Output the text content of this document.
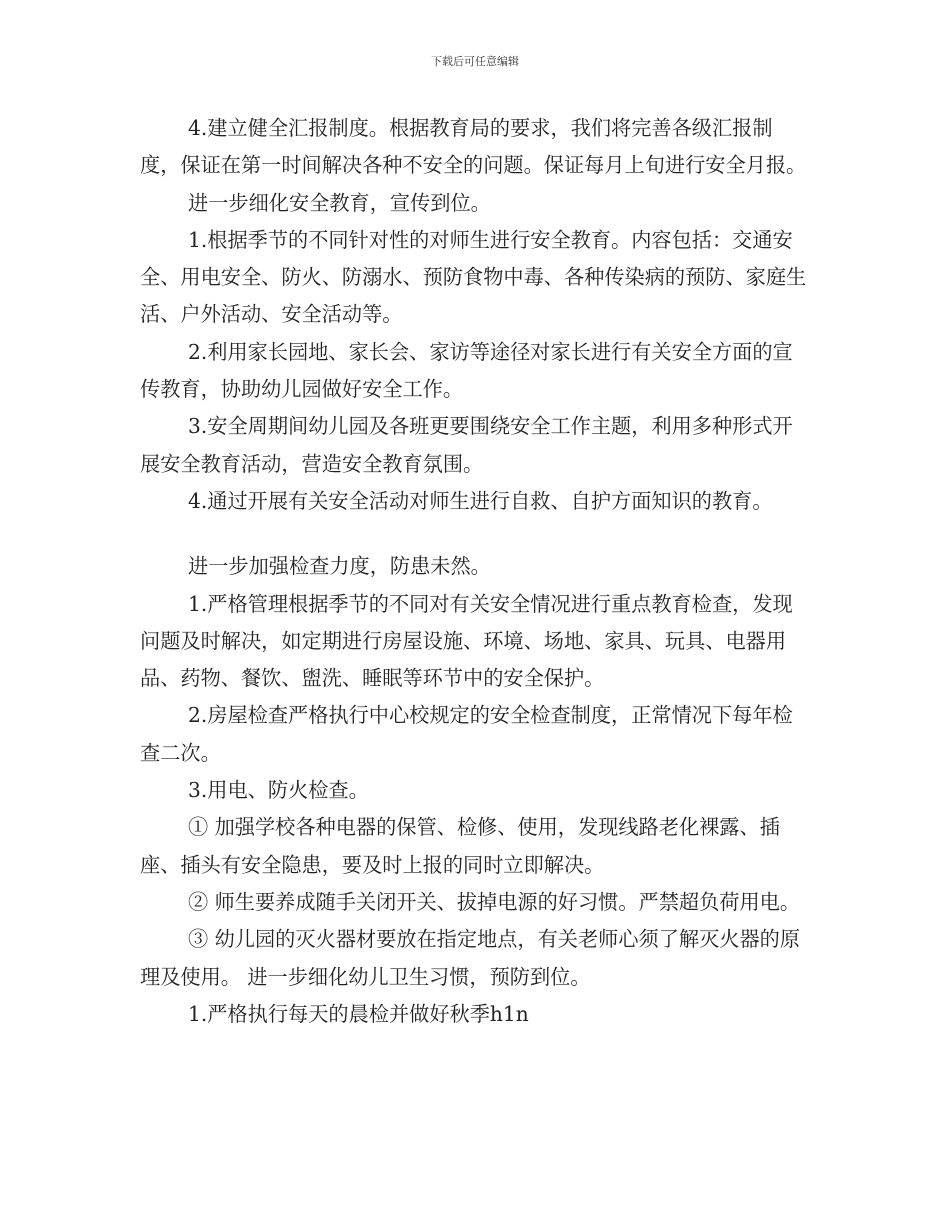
下载后可任意编辑

4.建立健全汇报制度。根据教育局的要求，我们将完善各级汇报制度，保证在第一时间解决各种不安全的问题。保证每月上旬进行安全月报。

进一步细化安全教育，宣传到位。

1.根据季节的不同针对性的对师生进行安全教育。内容包括：交通安全、用电安全、防火、防溺水、预防食物中毒、各种传染病的预防、家庭生活、户外活动、安全活动等。

2.利用家长园地、家长会、家访等途径对家长进行有关安全方面的宣传教育，协助幼儿园做好安全工作。

3.安全周期间幼儿园及各班更要围绕安全工作主题，利用多种形式开展安全教育活动，营造安全教育氛围。

4.通过开展有关安全活动对师生进行自救、自护方面知识的教育。

进一步加强检查力度，防患未然。

1.严格管理根据季节的不同对有关安全情况进行重点教育检查，发现问题及时解决，如定期进行房屋设施、环境、场地、家具、玩具、电器用品、药物、餐饮、盥洗、睡眠等环节中的安全保护。

2.房屋检查严格执行中心校规定的安全检查制度，正常情况下每年检查二次。

3.用电、防火检查。

① 加强学校各种电器的保管、检修、使用，发现线路老化裸露、插座、插头有安全隐患，要及时上报的同时立即解决。

② 师生要养成随手关闭开关、拔掉电源的好习惯。严禁超负荷用电。

③ 幼儿园的灭火器材要放在指定地点，有关老师心须了解灭火器的原理及使用。 进一步细化幼儿卫生习惯，预防到位。

1.严格执行每天的晨检并做好秋季h1n
